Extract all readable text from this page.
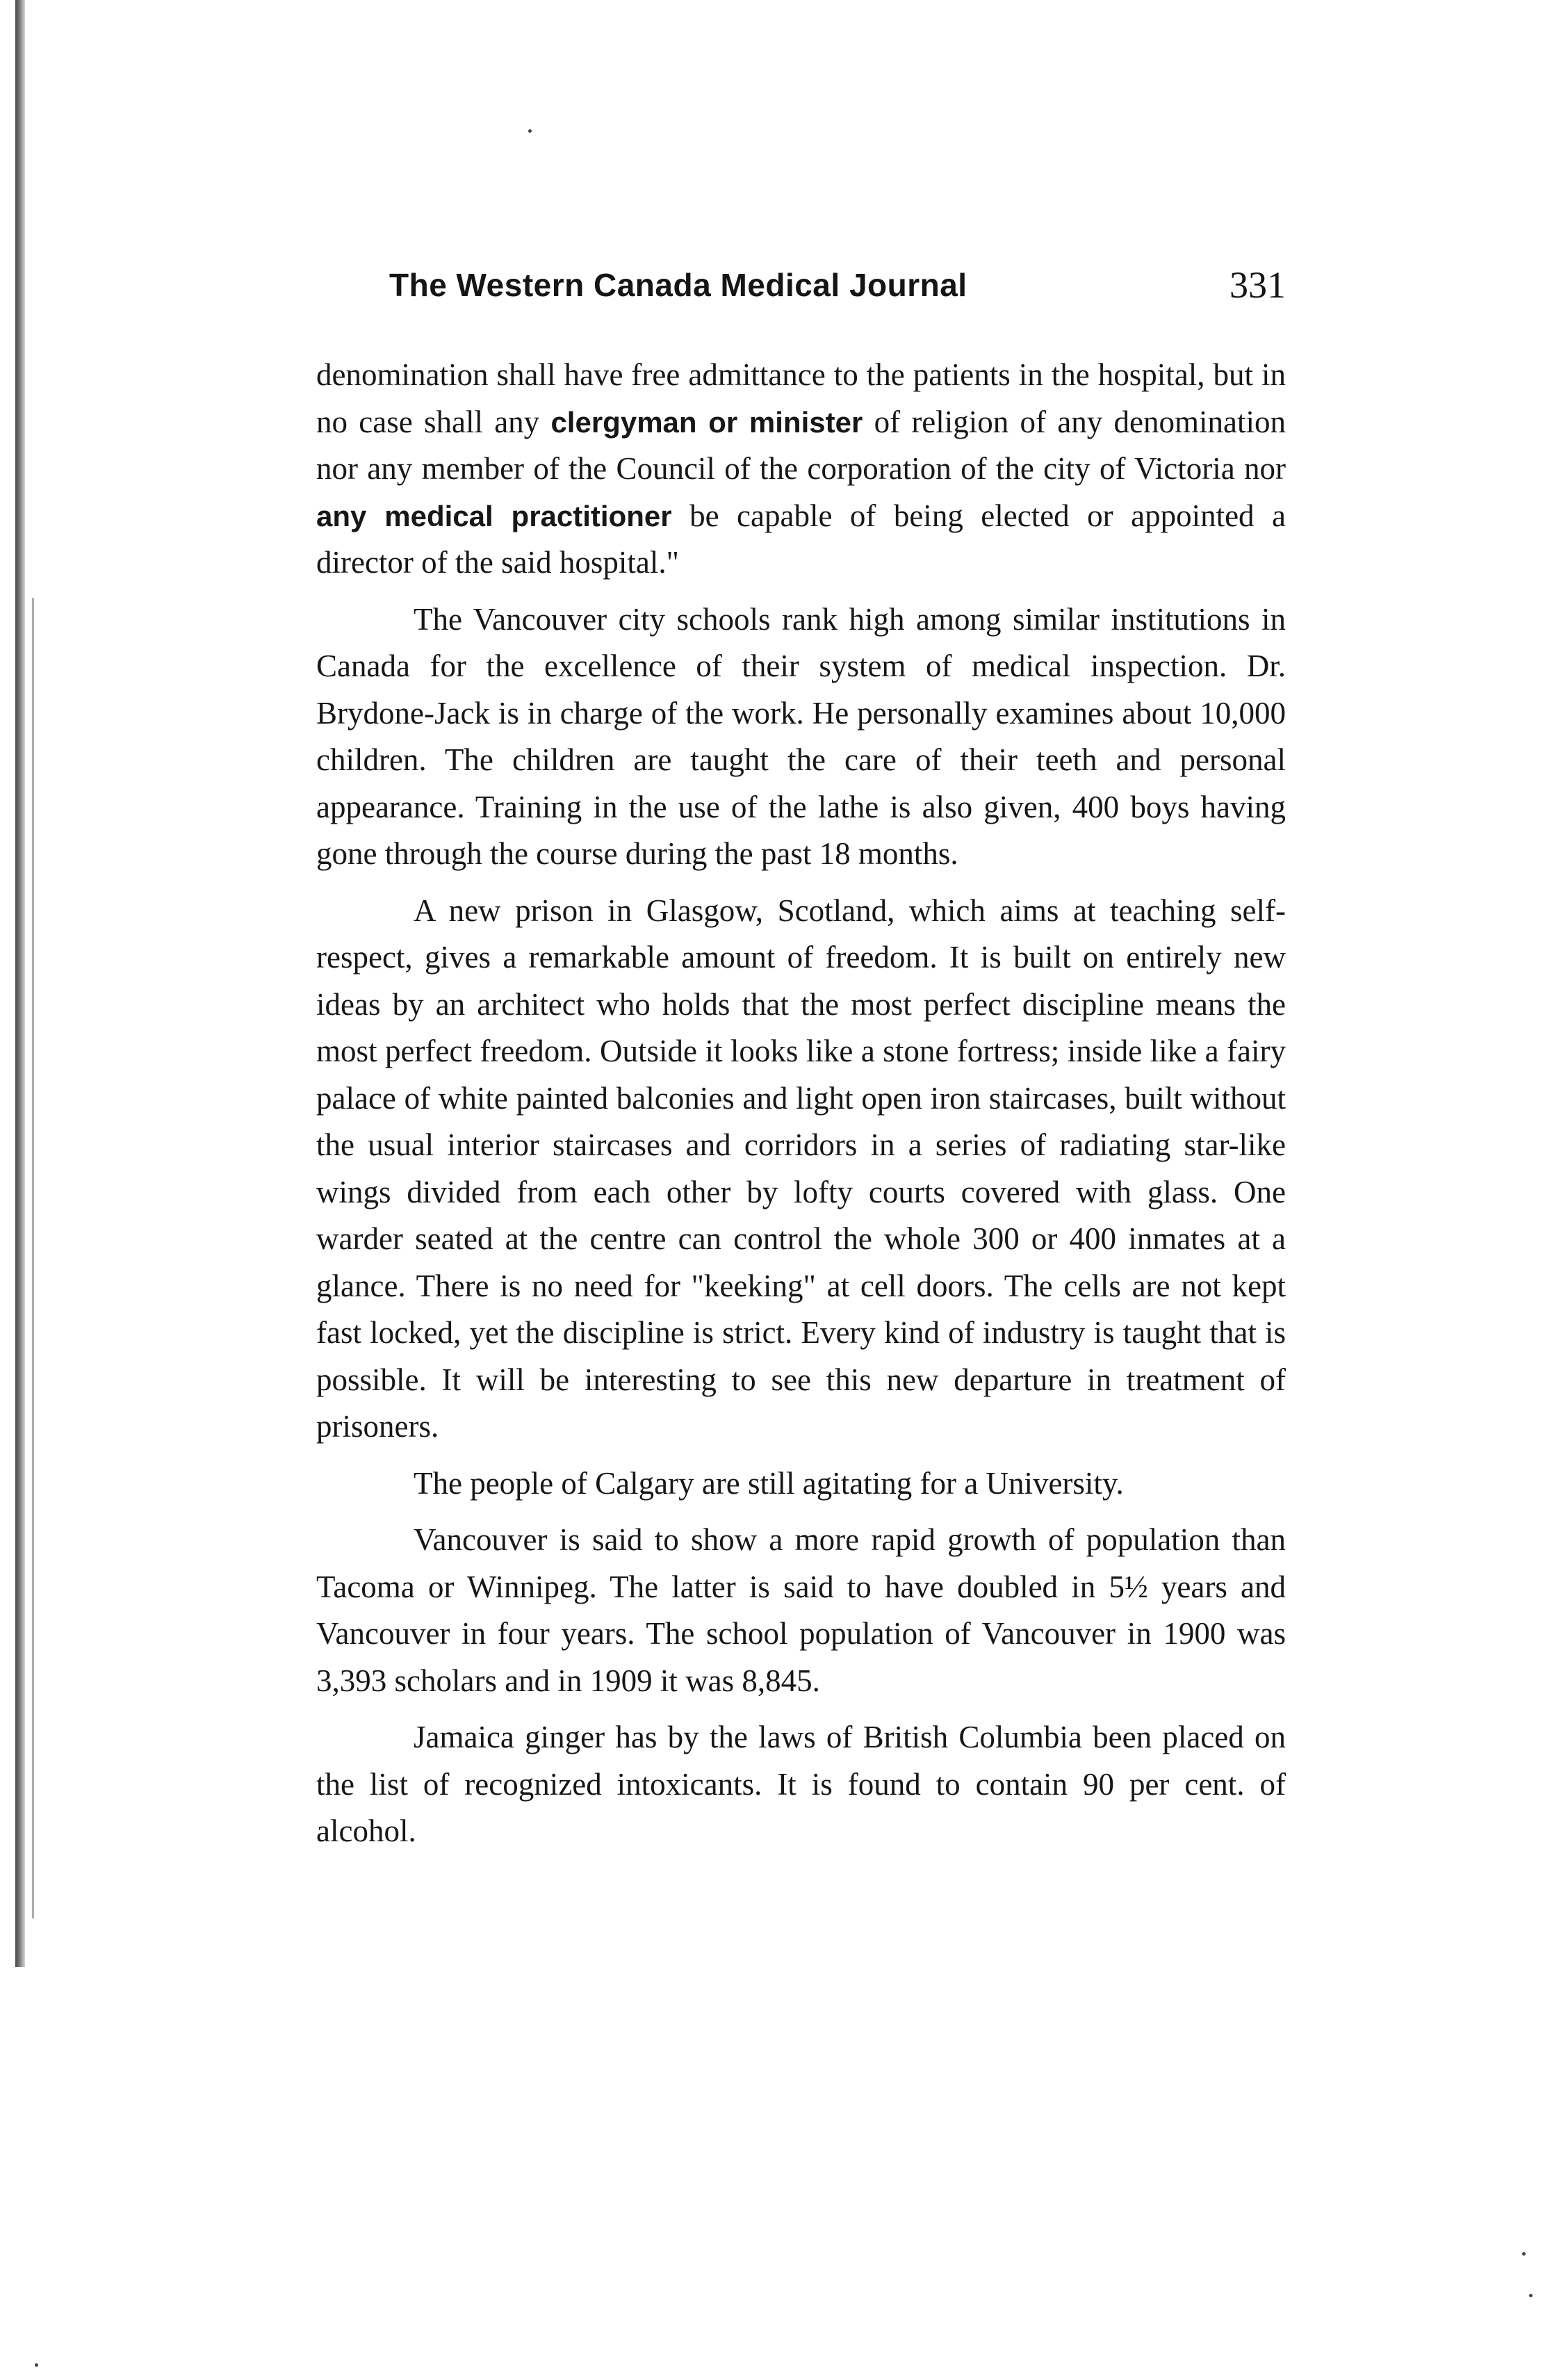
The Western Canada Medical Journal	331

denomination shall have free admittance to the patients in the hospital, but in no case shall any clergyman or minister of religion of any denomination nor any member of the Council of the corporation of the city of Victoria nor any medical practitioner be capable of being elected or appointed a director of the said hospital."

The Vancouver city schools rank high among similar institutions in Canada for the excellence of their system of medical inspection. Dr. Brydone-Jack is in charge of the work. He personally examines about 10,000 children. The children are taught the care of their teeth and personal appearance. Training in the use of the lathe is also given, 400 boys having gone through the course during the past 18 months.

A new prison in Glasgow, Scotland, which aims at teaching self-respect, gives a remarkable amount of freedom. It is built on entirely new ideas by an architect who holds that the most perfect discipline means the most perfect freedom. Outside it looks like a stone fortress; inside like a fairy palace of white painted balconies and light open iron staircases, built without the usual interior staircases and corridors in a series of radiating star-like wings divided from each other by lofty courts covered with glass. One warder seated at the centre can control the whole 300 or 400 inmates at a glance. There is no need for "keeking" at cell doors. The cells are not kept fast locked, yet the discipline is strict. Every kind of industry is taught that is possible. It will be interesting to see this new departure in treatment of prisoners.

The people of Calgary are still agitating for a University.

Vancouver is said to show a more rapid growth of population than Tacoma or Winnipeg. The latter is said to have doubled in 5½ years and Vancouver in four years. The school population of Vancouver in 1900 was 3,393 scholars and in 1909 it was 8,845.

Jamaica ginger has by the laws of British Columbia been placed on the list of recognized intoxicants. It is found to contain 90 per cent. of alcohol.
